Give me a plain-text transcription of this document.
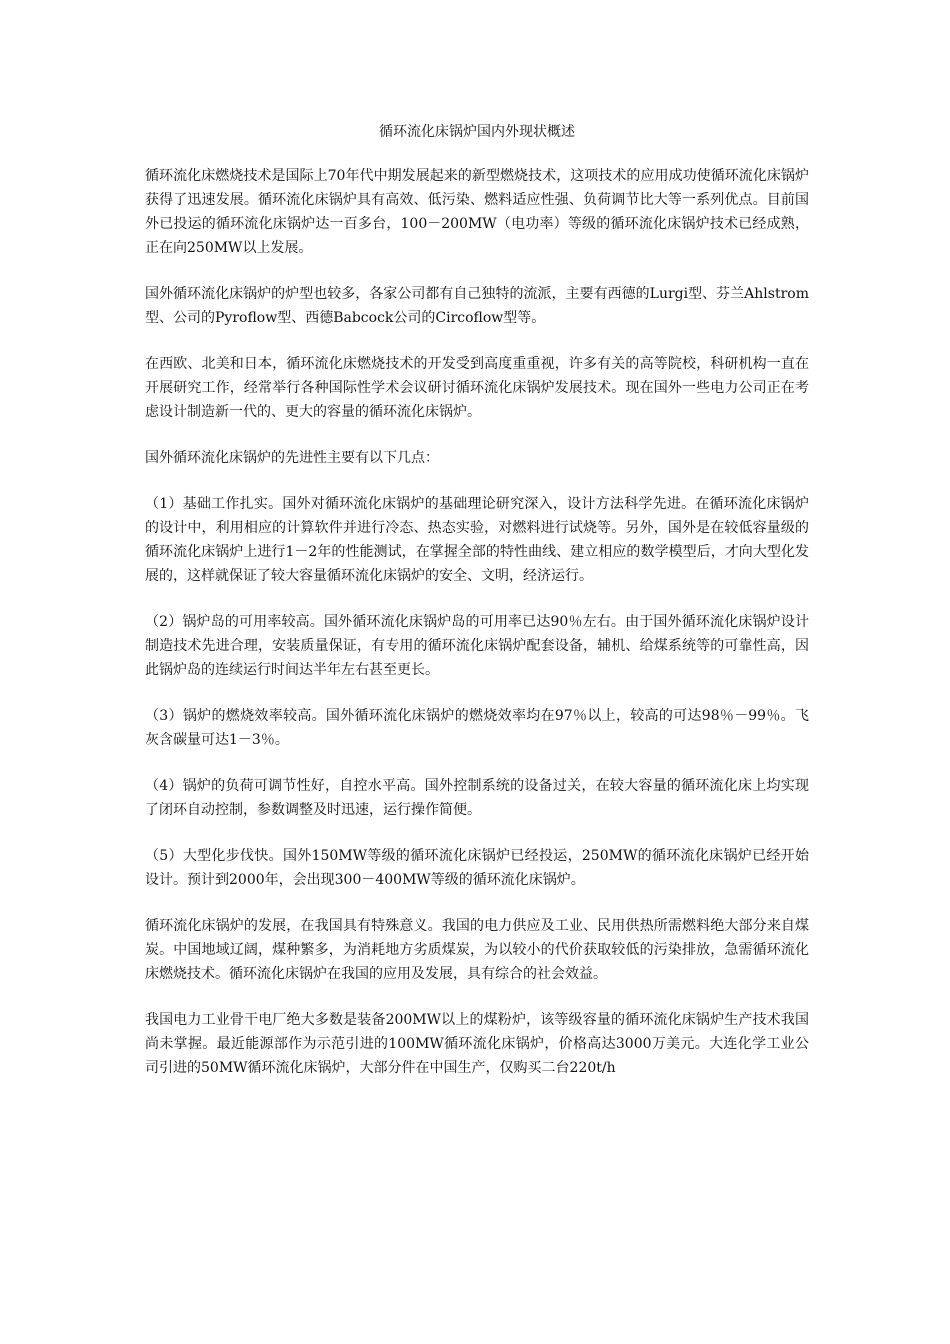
循环流化床锅炉国内外现状概述

循环流化床燃烧技术是国际上70年代中期发展起来的新型燃烧技术，这项技术的应用成功使循环流化床锅炉获得了迅速发展。循环流化床锅炉具有高效、低污染、燃料适应性强、负荷调节比大等一系列优点。目前国外已投运的循环流化床锅炉达一百多台，100－200MW（电功率）等级的循环流化床锅炉技术已经成熟，正在向250MW以上发展。

国外循环流化床锅炉的炉型也较多，各家公司都有自己独特的流派，主要有西德的Lurgi型、芬兰Ahlstrom型、公司的Pyroflow型、西德Babcock公司的Circoflow型等。

在西欧、北美和日本，循环流化床燃烧技术的开发受到高度重重视，许多有关的高等院校，科研机构一直在开展研究工作，经常举行各种国际性学术会议研讨循环流化床锅炉发展技术。现在国外一些电力公司正在考虑设计制造新一代的、更大的容量的循环流化床锅炉。

国外循环流化床锅炉的先进性主要有以下几点：

（1）基础工作扎实。国外对循环流化床锅炉的基础理论研究深入，设计方法科学先进。在循环流化床锅炉的设计中，利用相应的计算软件并进行冷态、热态实验，对燃料进行试烧等。另外，国外是在较低容量级的循环流化床锅炉上进行1－2年的性能测试，在掌握全部的特性曲线、建立相应的数学模型后，才向大型化发展的，这样就保证了较大容量循环流化床锅炉的安全、文明，经济运行。

（2）锅炉岛的可用率较高。国外循环流化床锅炉岛的可用率已达90％左右。由于国外循环流化床锅炉设计制造技术先进合理，安装质量保证，有专用的循环流化床锅炉配套设备，辅机、给煤系统等的可靠性高，因此锅炉岛的连续运行时间达半年左右甚至更长。

（3）锅炉的燃烧效率较高。国外循环流化床锅炉的燃烧效率均在97％以上，较高的可达98％－99％。飞灰含碳量可达1－3％。

（4）锅炉的负荷可调节性好，自控水平高。国外控制系统的设备过关，在较大容量的循环流化床上均实现了闭环自动控制，参数调整及时迅速，运行操作简便。

（5）大型化步伐快。国外150MW等级的循环流化床锅炉已经投运，250MW的循环流化床锅炉已经开始设计。预计到2000年，会出现300－400MW等级的循环流化床锅炉。

循环流化床锅炉的发展，在我国具有特殊意义。我国的电力供应及工业、民用供热所需燃料绝大部分来自煤炭。中国地域辽阔，煤种繁多，为消耗地方劣质煤炭，为以较小的代价获取较低的污染排放，急需循环流化床燃烧技术。循环流化床锅炉在我国的应用及发展，具有综合的社会效益。

我国电力工业骨干电厂绝大多数是装备200MW以上的煤粉炉，该等级容量的循环流化床锅炉生产技术我国尚未掌握。最近能源部作为示范引进的100MW循环流化床锅炉，价格高达3000万美元。大连化学工业公司引进的50MW循环流化床锅炉，大部分件在中国生产，仅购买二台220t/h
